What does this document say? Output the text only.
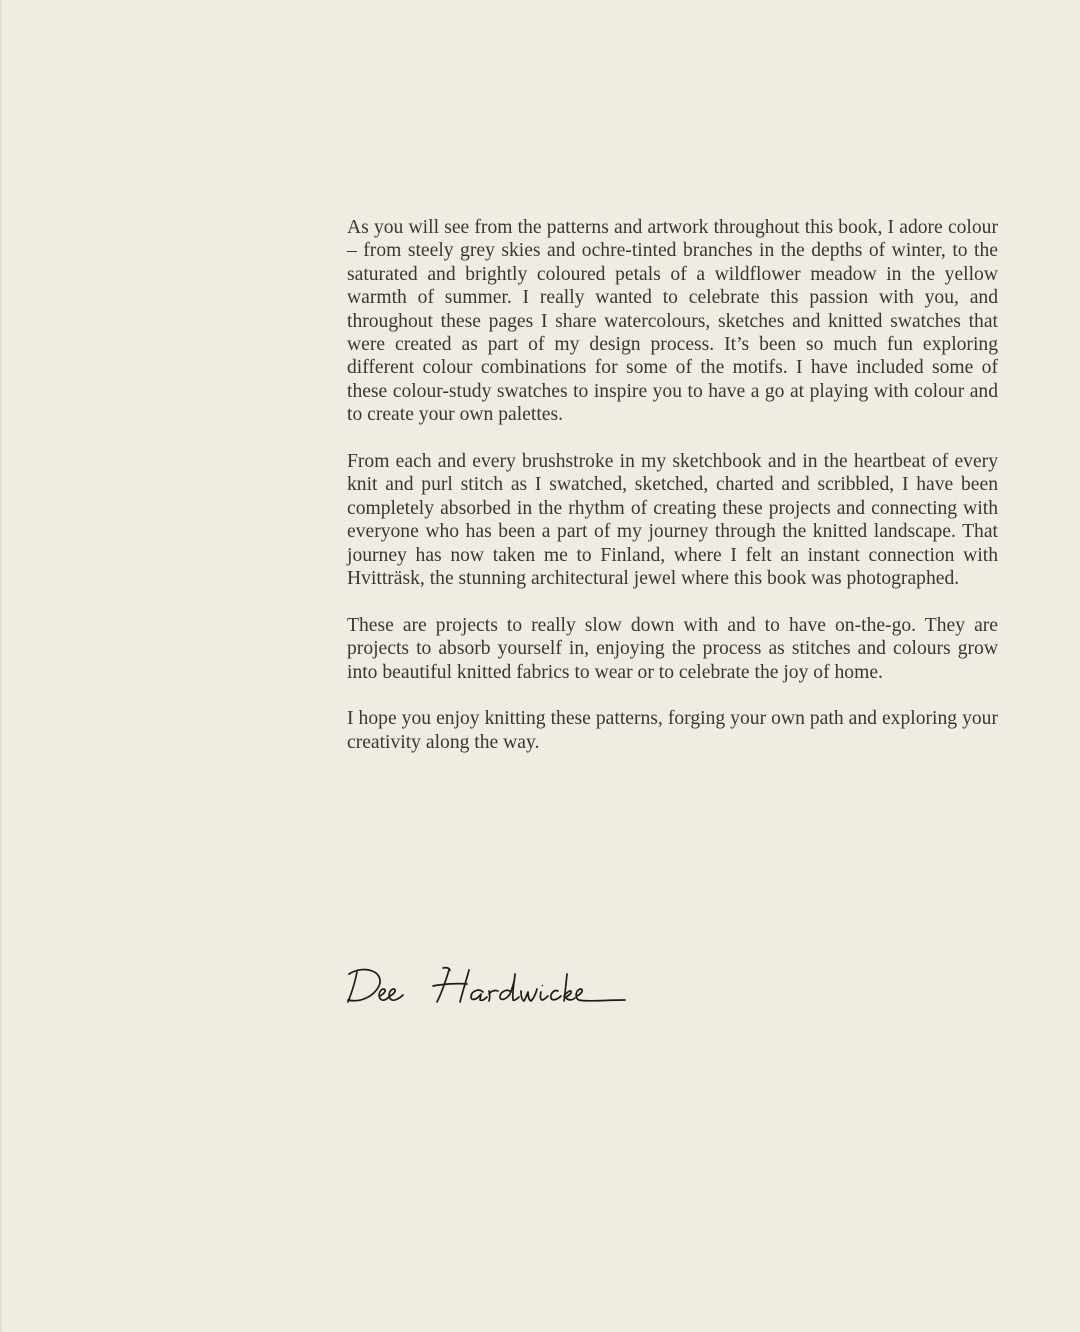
As you will see from the patterns and artwork throughout this book, I adore colour – from steely grey skies and ochre-tinted branches in the depths of winter, to the saturated and brightly coloured petals of a wildflower meadow in the yellow warmth of summer. I really wanted to celebrate this passion with you, and throughout these pages I share watercolours, sketches and knitted swatches that were created as part of my design process. It’s been so much fun exploring different colour combinations for some of the motifs. I have included some of these colour-study swatches to inspire you to have a go at playing with colour and to create your own palettes.

From each and every brushstroke in my sketchbook and in the heartbeat of every knit and purl stitch as I swatched, sketched, charted and scribbled, I have been completely absorbed in the rhythm of creating these projects and connecting with everyone who has been a part of my journey through the knitted landscape. That journey has now taken me to Finland, where I felt an instant connection with Hvitträsk, the stunning architectural jewel where this book was photographed.

These are projects to really slow down with and to have on-the-go. They are projects to absorb yourself in, enjoying the process as stitches and colours grow into beautiful knitted fabrics to wear or to celebrate the joy of home.

I hope you enjoy knitting these patterns, forging your own path and exploring your creativity along the way.
